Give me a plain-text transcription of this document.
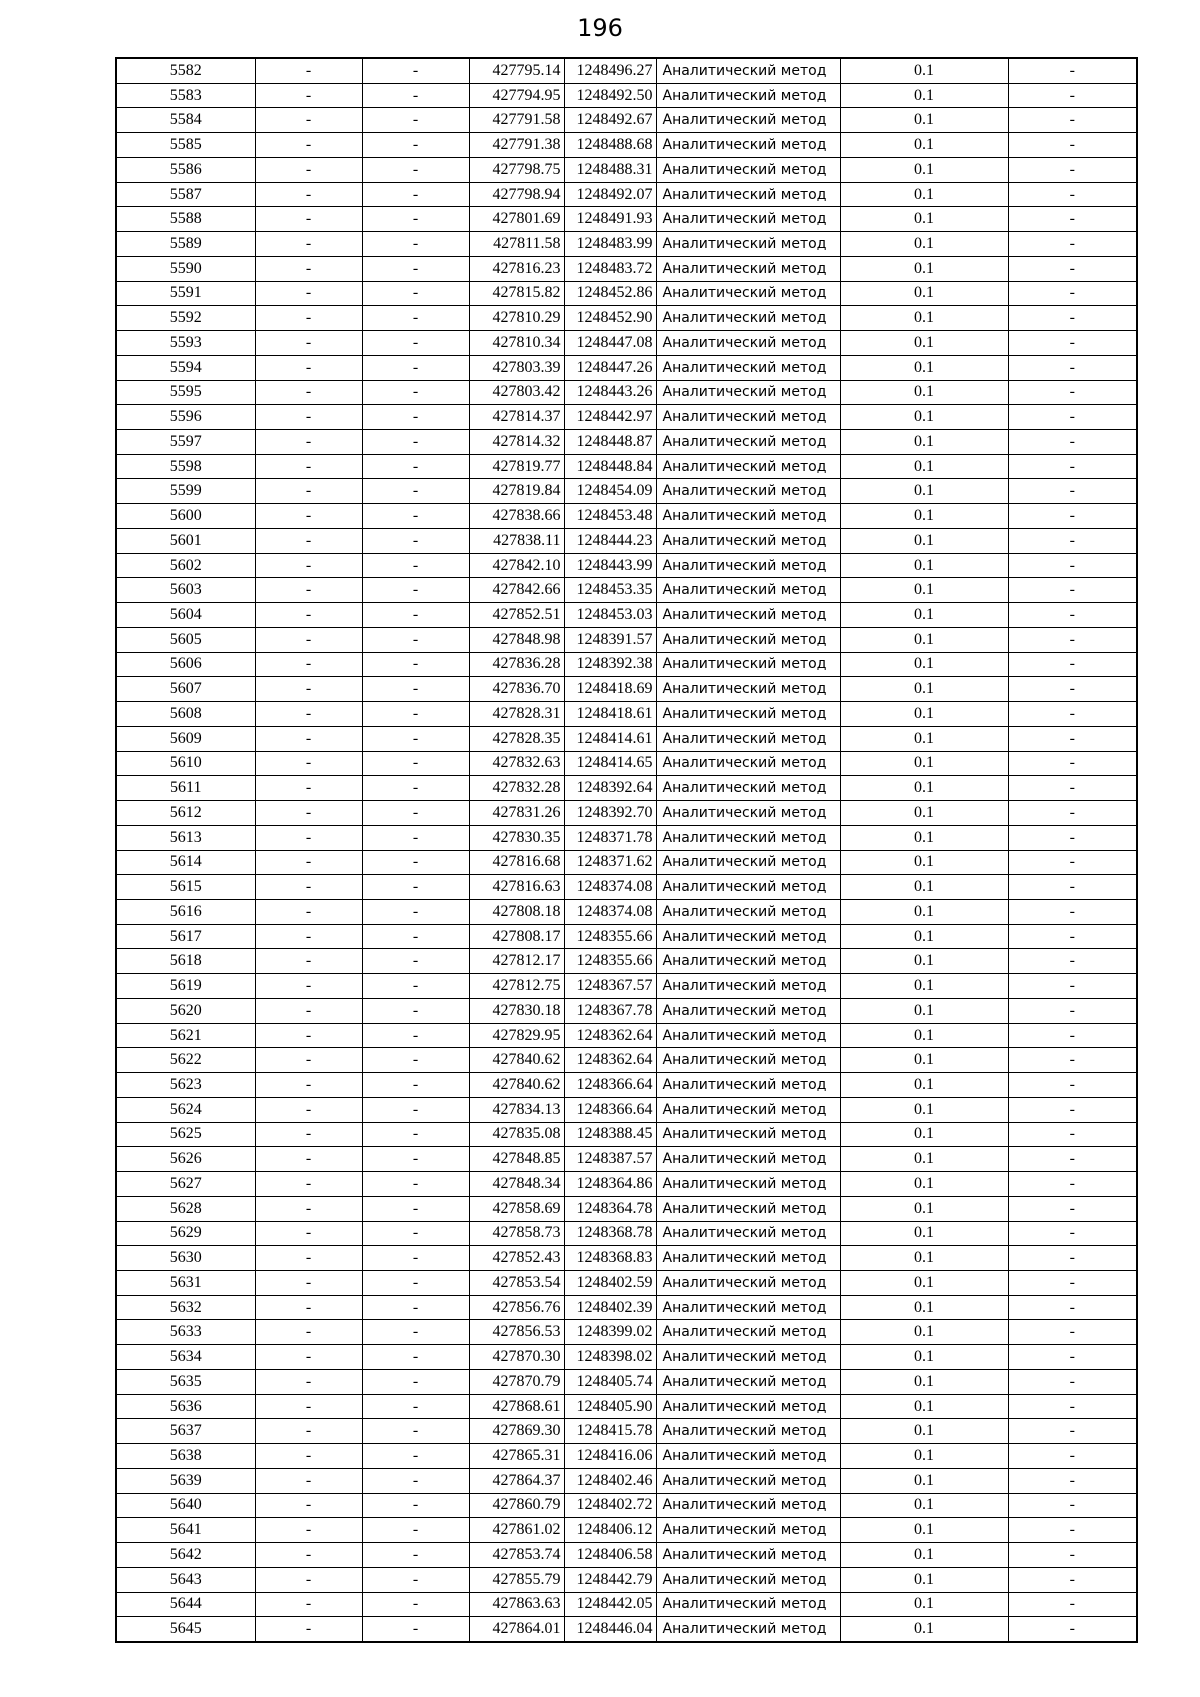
196
5582	-	-	427795.14	1248496.27	Аналитический метод	0.1	-
5583	-	-	427794.95	1248492.50	Аналитический метод	0.1	-
5584	-	-	427791.58	1248492.67	Аналитический метод	0.1	-
5585	-	-	427791.38	1248488.68	Аналитический метод	0.1	-
5586	-	-	427798.75	1248488.31	Аналитический метод	0.1	-
5587	-	-	427798.94	1248492.07	Аналитический метод	0.1	-
5588	-	-	427801.69	1248491.93	Аналитический метод	0.1	-
5589	-	-	427811.58	1248483.99	Аналитический метод	0.1	-
5590	-	-	427816.23	1248483.72	Аналитический метод	0.1	-
5591	-	-	427815.82	1248452.86	Аналитический метод	0.1	-
5592	-	-	427810.29	1248452.90	Аналитический метод	0.1	-
5593	-	-	427810.34	1248447.08	Аналитический метод	0.1	-
5594	-	-	427803.39	1248447.26	Аналитический метод	0.1	-
5595	-	-	427803.42	1248443.26	Аналитический метод	0.1	-
5596	-	-	427814.37	1248442.97	Аналитический метод	0.1	-
5597	-	-	427814.32	1248448.87	Аналитический метод	0.1	-
5598	-	-	427819.77	1248448.84	Аналитический метод	0.1	-
5599	-	-	427819.84	1248454.09	Аналитический метод	0.1	-
5600	-	-	427838.66	1248453.48	Аналитический метод	0.1	-
5601	-	-	427838.11	1248444.23	Аналитический метод	0.1	-
5602	-	-	427842.10	1248443.99	Аналитический метод	0.1	-
5603	-	-	427842.66	1248453.35	Аналитический метод	0.1	-
5604	-	-	427852.51	1248453.03	Аналитический метод	0.1	-
5605	-	-	427848.98	1248391.57	Аналитический метод	0.1	-
5606	-	-	427836.28	1248392.38	Аналитический метод	0.1	-
5607	-	-	427836.70	1248418.69	Аналитический метод	0.1	-
5608	-	-	427828.31	1248418.61	Аналитический метод	0.1	-
5609	-	-	427828.35	1248414.61	Аналитический метод	0.1	-
5610	-	-	427832.63	1248414.65	Аналитический метод	0.1	-
5611	-	-	427832.28	1248392.64	Аналитический метод	0.1	-
5612	-	-	427831.26	1248392.70	Аналитический метод	0.1	-
5613	-	-	427830.35	1248371.78	Аналитический метод	0.1	-
5614	-	-	427816.68	1248371.62	Аналитический метод	0.1	-
5615	-	-	427816.63	1248374.08	Аналитический метод	0.1	-
5616	-	-	427808.18	1248374.08	Аналитический метод	0.1	-
5617	-	-	427808.17	1248355.66	Аналитический метод	0.1	-
5618	-	-	427812.17	1248355.66	Аналитический метод	0.1	-
5619	-	-	427812.75	1248367.57	Аналитический метод	0.1	-
5620	-	-	427830.18	1248367.78	Аналитический метод	0.1	-
5621	-	-	427829.95	1248362.64	Аналитический метод	0.1	-
5622	-	-	427840.62	1248362.64	Аналитический метод	0.1	-
5623	-	-	427840.62	1248366.64	Аналитический метод	0.1	-
5624	-	-	427834.13	1248366.64	Аналитический метод	0.1	-
5625	-	-	427835.08	1248388.45	Аналитический метод	0.1	-
5626	-	-	427848.85	1248387.57	Аналитический метод	0.1	-
5627	-	-	427848.34	1248364.86	Аналитический метод	0.1	-
5628	-	-	427858.69	1248364.78	Аналитический метод	0.1	-
5629	-	-	427858.73	1248368.78	Аналитический метод	0.1	-
5630	-	-	427852.43	1248368.83	Аналитический метод	0.1	-
5631	-	-	427853.54	1248402.59	Аналитический метод	0.1	-
5632	-	-	427856.76	1248402.39	Аналитический метод	0.1	-
5633	-	-	427856.53	1248399.02	Аналитический метод	0.1	-
5634	-	-	427870.30	1248398.02	Аналитический метод	0.1	-
5635	-	-	427870.79	1248405.74	Аналитический метод	0.1	-
5636	-	-	427868.61	1248405.90	Аналитический метод	0.1	-
5637	-	-	427869.30	1248415.78	Аналитический метод	0.1	-
5638	-	-	427865.31	1248416.06	Аналитический метод	0.1	-
5639	-	-	427864.37	1248402.46	Аналитический метод	0.1	-
5640	-	-	427860.79	1248402.72	Аналитический метод	0.1	-
5641	-	-	427861.02	1248406.12	Аналитический метод	0.1	-
5642	-	-	427853.74	1248406.58	Аналитический метод	0.1	-
5643	-	-	427855.79	1248442.79	Аналитический метод	0.1	-
5644	-	-	427863.63	1248442.05	Аналитический метод	0.1	-
5645	-	-	427864.01	1248446.04	Аналитический метод	0.1	-
